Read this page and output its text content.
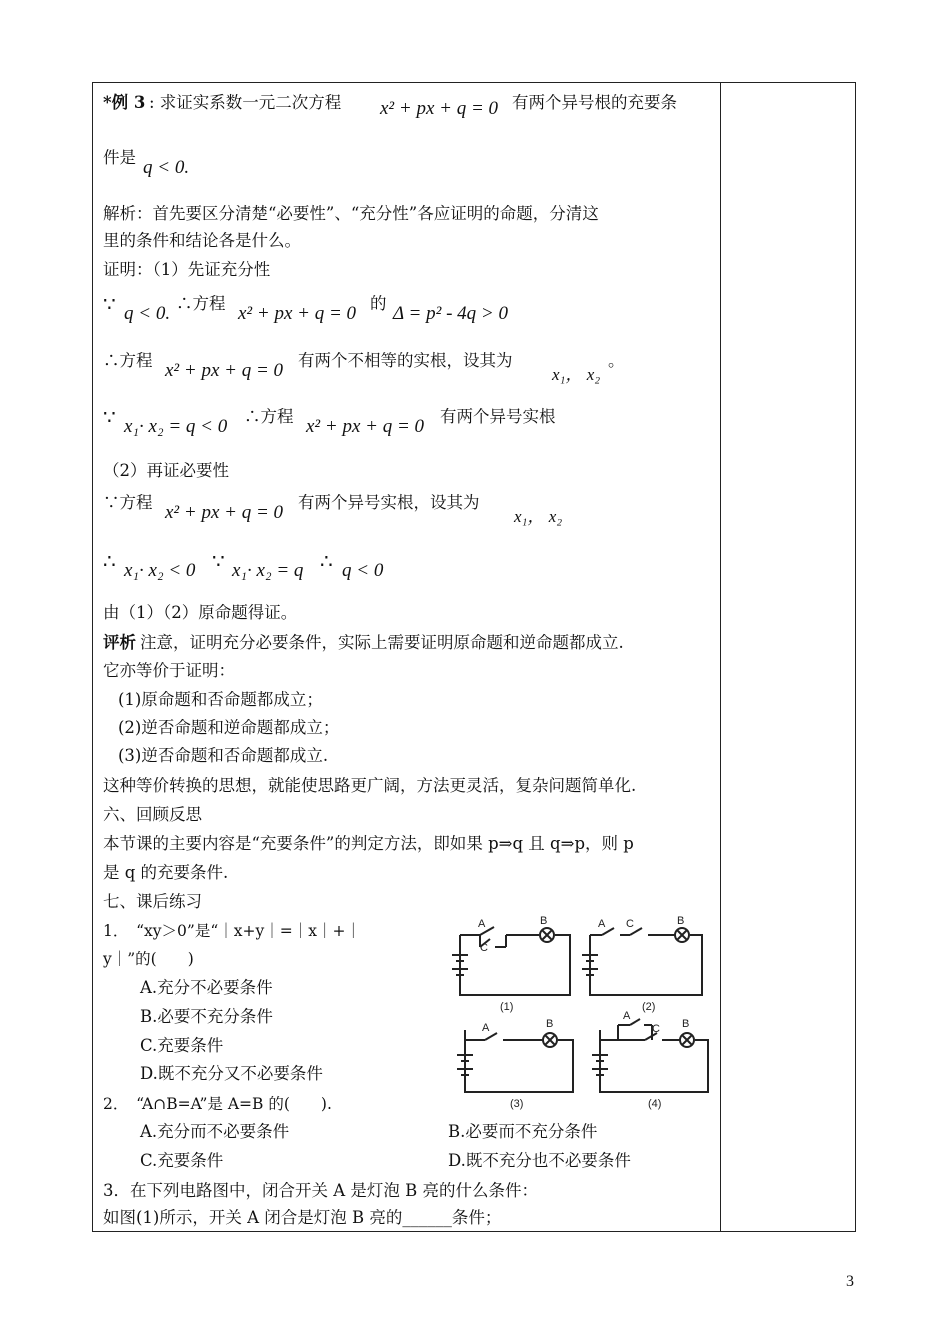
*例 3 : 求证实系数一元二次方程 x² + px + q = 0 有两个异号根的充要条
件是 q < 0.
解析：首先要区分清楚“必要性”、“充分性”各应证明的命题，分清这
里的条件和结论各是什么。
证明：（1）先证充分性
∵ q < 0. ∴方程 x² + px + q = 0 的 Δ = p² - 4q > 0
∴方程 x² + px + q = 0 有两个不相等的实根，设其为
x₁， x₂
。
∵ x₁· x₂ = q < 0 ∴方程 x² + px + q = 0 有两个异号实根
（2）再证必要性
∵方程 x² + px + q = 0 有两个异号实根，设其为
x₁， x₂
∴ x₁· x₂ < 0 ∵ x₁· x₂ = q ∴ q < 0
由（1）（2）原命题得证。
评析 注意，证明充分必要条件，实际上需要证明原命题和逆命题都成立.
它亦等价于证明：
(1)原命题和否命题都成立；
(2)逆否命题和逆命题都成立；
(3)逆否命题和否命题都成立.
这种等价转换的思想，就能使思路更广阔，方法更灵活，复杂问题简单化.
六、回顾反思
本节课的主要内容是“充要条件”的判定方法，即如果 p⇒q 且 q⇒p，则 p
是 q 的充要条件.
七、课后练习
1．　“xy＞0”是“｜x+y｜=｜x｜+｜
y｜”的(　　)
A.充分不必要条件
B.必要不充分条件
C.充要条件
D.既不充分又不必要条件
2．　“A∩B=A”是 A=B 的(　　).
A.充分而不必要条件	B.必要而不充分条件
C.充要条件	D.既不充分也不必要条件
3．在下列电路图中，闭合开关 A 是灯泡 B 亮的什么条件：
如图(1)所示，开关 A 闭合是灯泡 B 亮的______条件；
A
C
B
(1)
A C	B
(2)
A	B
(3)
A
C B
(4)
3
